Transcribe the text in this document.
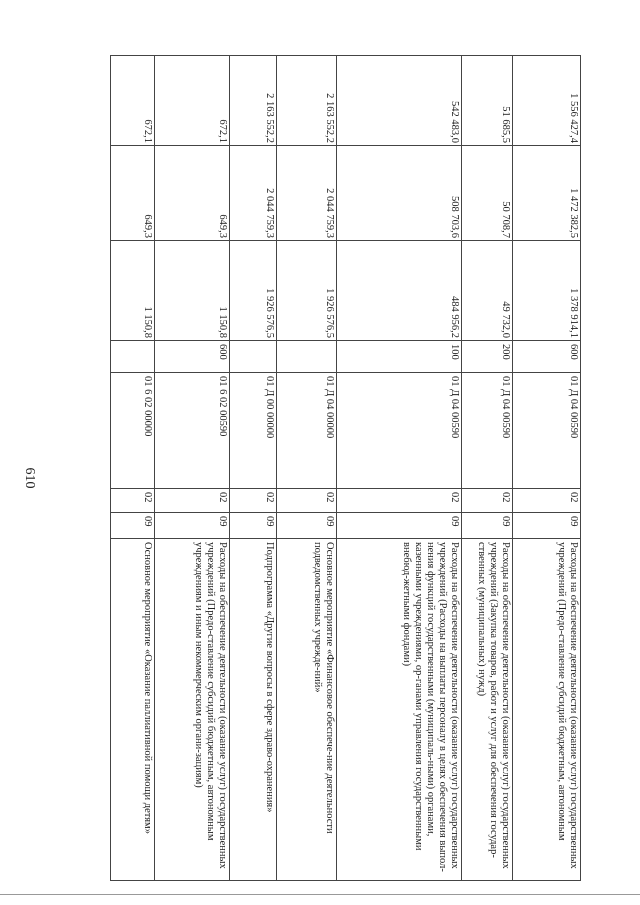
610
672,1
649,3
1 150,8
01 6 02 00000
02
09
Основное мероприятие «Оказание паллиативной помощи детям»
672,1
649,3
1 150,8
600
01 6 02 00590
02
09
Расходы на обеспечение деятельности (оказание услуг) государственных учреждений (Предо-ставление субсидий бюджетным, автономным учреждениям и иным некоммерческим органи-зациям)
2 163 552,2
2 044 759,3
1 926 576,5
01 Д 00 00000
02
09
Подпрограмма «Другие вопросы в сфере здраво-охранения»
2 163 552,2
2 044 759,3
1 926 576,5
01 Д 04 00000
02
09
Основное мероприятие «Финансовое обеспече-ние деятельности подведомственных учрежде-ний»
542 483,0
508 703,6
484 956,2
100
01 Д 04 00590
02
09
Расходы на обеспечение деятельности (оказание услуг) государственных учреждений (Расходы на выплаты персоналу в целях обеспечения выпол-нения функций государственными (муниципаль-ными) органами, казенными учреждениями, ор-ганами управления государственными внебюд-жетными фондами)
51 685,5
50 708,7
49 732,0
200
01 Д 04 00590
02
09
Расходы на обеспечение деятельности (оказание услуг) государственных учреждений (Закупка товаров, работ и услуг для обеспечения государ-ственных (муниципальных) нужд)
1 556 427,4
1 472 382,5
1 378 914,1
600
01 Д 04 00590
02
09
Расходы на обеспечение деятельности (оказание услуг) государственных учреждений (Предо-ставление субсидий бюджетным, автономным
